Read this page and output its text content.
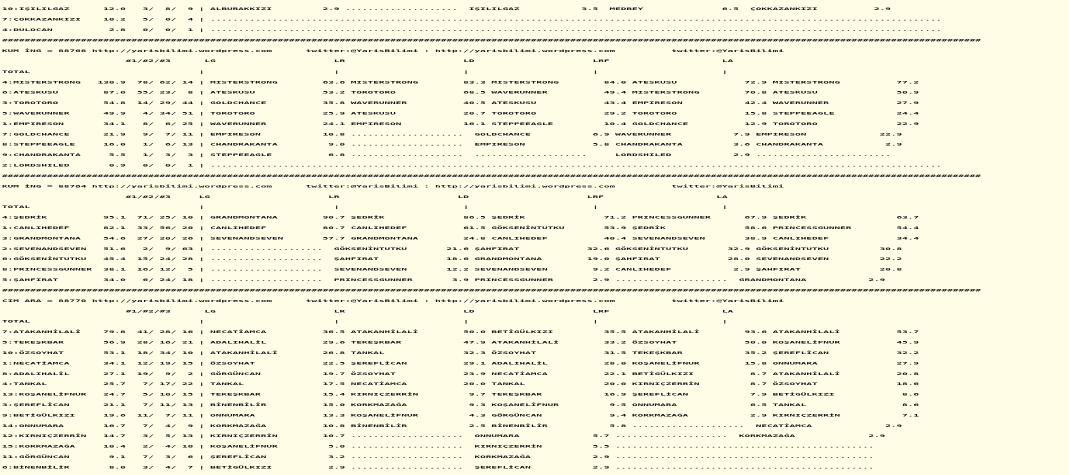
10:IŞILILGAZ      12.0   3/  8/  9 | ALBURAKKIZI         2.9 ....................  IŞILILGAZ           3.5  MEDBEY              6.5  ÇOKKAZANKIZI          2.9

7:ÇOKKAZANKIZI    10.2   5/  0/  4 | ..................................................................................................................................

4:DULOCAN          2.8   0/  0/  1 | ..................................................................................................................................

##############################################################################################################################################################################

KUM İNG = 88768 http://yarisbilimi.wordpress.com      twitter:@YarisBilimi : http://yarisbilimi.wordpress.com          twitter:@YarisBilimi

#1/#2/#3      LG                     LR                     LD                     LRF                    LA

TOTAL                              |                       |                      |                      |                      |

4:MISTERSTRONG   130.9  78/ 62/ 14 | MISTERSTRONG        63.6 MISTERSTRONG        83.3 MISTERSTRONG        84.0 ATESKUSU            72.9 MISTERSTRONG          77.2

6:ATESKUSU        87.0  55/ 23/  8 | ATESKUSU            53.2 TOROTORO            68.5 WAVERUNNER          49.4 MISTERSTRONG        70.8 ATESKUSU              50.9

3:TOROTORO        54.8  14/ 29/ 44 | GOLDCHANCE          35.8 WAVERUNNER          40.5 ATESKUSU            43.4 EMPIRESON           42.4 WAVERUNNER            27.9

5:WAVERUNNER      49.9   4/ 34/ 51 | TOROTORO            25.9 ATESKUSU            20.7 TOROTORO            29.2 TOROTORO            15.8 STEPPEEAGLE           24.4

1:EMPIRESON       34.1   8/  6/ 25 | WAVERUNNER          24.1 EMPIRESON           16.1 STEPPEEAGLE         10.4 GOLDCHANCE          12.9 TOROTORO              22.9

7:GOLDCHANCE      21.9   9/  7/ 11 | EMPIRESON           10.8 ....................  GOLDCHANCE           6.9 WAVERUNNER           7.9 EMPIRESON             22.9

8:STEPPEEAGLE     16.0   1/  6/ 13 | CHANDRAKANTA         9.0 ....................  EMPIRESON            5.8 CHANDRAKANTA         3.6 CHANDRAKANTA           2.9

9:CHANDRAKANTA     5.5   1/  3/  3 | STEPPEEAGLE          6.8 ....................  ....................     LORDSHILED           2.9 ........................

2:LORDSHILED       0.9   0/  0/  1 | ..................................................................................................................................

##############################################################################################################################################################################

KUM İNG = 88764 http://yarisbilimi.wordpress.com      twitter:@YarisBilimi : http://yarisbilimi.wordpress.com          twitter:@YarisBilimi

#1/#2/#3     LG                     LR                     LD                     LRF                    LA

TOTAL                              |                       |                      |                      |                      |

4:ŞEDRİK          95.1  71/ 25/ 10 | GRANDMONTANA        90.7 ŞEDRİK              86.5 ŞEDRİK              71.2 PRINCESSGUNNER      67.9 ŞEDRİK                63.7

1:CANLIHEDEF      82.1  33/ 56/ 20 | CANLIHEDEF          80.7 CANLIHEDEF          61.5 GÖKSENİNTUTKU       53.9 ŞEDRİK              58.6 PRINCESSGUNNER        54.4

3:GRANDMONTANA    54.6  27/ 20/ 26 | SEVENANDSEVEN       57.7 GRANDMONTANA        24.8 CANLIHEDEF          40.4 SEVENANDSEVEN       38.9 CANLIHEDEF            34.4

2:SEVENANDSEVEN   51.6   2/  9/ 63 | ....................  GÖKSENİNTUTKU       21.6 ŞAHFIRAT            32.6 GÖKSENİNTUTKU       32.9 GÖKSENİNTUTKU         30.8

6:GÖKSENİNTUTKU   45.4  15/ 24/ 28 | ....................  ŞAHFIRAT            18.6 GRANDMONTANA        19.0 ŞAHFIRAT            28.0 SEVENANDSEVEN         22.2

8:PRINCESSGUNNER  38.1  16/ 12/  5 | ....................  SEVENANDSEVEN       12.2 SEVENANDSEVEN        9.2 CANLIHEDEF           2.9 ŞAHFIRAT              20.8

5:ŞAHFIRAT        34.0   6/ 24/ 18 | ....................  PRINCESSGUNNER       3.9 PRINCESSGUNNER       2.9 ....................  GRANDMONTANA           2.9

##############################################################################################################################################################################

CIM ARA = 88770 http://yarisbilimi.wordpress.com      twitter:@YarisBilimi : http://yarisbilimi.wordpress.com          twitter:@YarisBilimi

#1/#2/#3      LG                     LR                     LD                     LRF                    LA

TOTAL                              |                       |                      |                      |                      |

7:ATAKANHİLALİ    79.8  41/ 28/ 16 | NECATİAMCA          36.5 ATAKANHİLALİ        50.0 BETİGÜLKIZI         35.5 ATAKANHİLALİ        93.6 ATAKANHİLALİ          53.7

5:TEKEŞKBAR       56.9  28/ 16/ 21 | ADALIHALİL          29.6 TEKEŞKBAR           47.9 ATAKANHİLALİ        33.2 ÖZSOYHAT            50.0 KOŞANELİFNUR          45.9

10:ÖZSOYHAT       53.1  18/ 34/ 10 | ATAKANHİLALİ        26.8 TANKAL              32.3 ÖZSOYHAT            31.5 TEKEŞKBAR           35.2 ŞEREFLİCAN            32.2

1:NECATİAMCA      34.1  12/ 19/ 15 | ÖZSOYHAT            22.5 ŞEREFLİCAN          29.1 ADALIHALİL          28.0 KOŞANELİFNUR        15.8 ONNUMARA              27.9

8:ADALIHALİL      27.1  19/  9/  2 | GÖRGÜNCAN           19.7 ÖZSOYHAT            23.9 NECATİAMCA          22.1 BETİGÜLKIZI          8.7 ATAKANHİLALİ          20.8

4:TANKAL          25.7   7/ 17/ 22 | TANKAL              17.5 NECATİAMCA          20.0 TANKAL              20.0 KIRNIÇZERRİN         8.7 ÖZSOYHAT              18.6

13:KOŞANELİFNUR   24.7   5/ 10/ 15 | TEKEŞKBAR           15.4 KIRNIÇZERRİN         9.7 TEKEŞKBAR           16.9 ŞEREFLİCAN           7.9 BETİGÜLKIZI            8.6

3:ŞEREFLİCAN      21.1   7/ 11/ 13 | BİNENBİLİR          15.0 KORKMAZAĞA           9.3 KOŞANELİFNUR         9.5 ONNUMARA             6.5 TANKAL                 8.6

9:BETİGÜLKIZI     19.6  11/  7/ 11 | ONNUMARA            13.3 KOŞANELİFNUR         4.3 GÖRGÜNCAN            9.4 KORKMAZAĞA           2.9 KIRNIÇZERRİN           7.1

14:ONNUMARA       16.7   7/  4/  9 | KORKMAZAĞA          10.8 BİNENBİLİR           2.5 BİNENBİLİR           5.8 ....................  NECATİAMCA             2.9

12:KIRNIÇZERRİN   14.7   3/  5/ 13 | KIRNIÇZERRİN        10.7 ....................  ONNUMARA             5.7 ....................  KORKMAZAĞA             2.9

15:KORKMAZAĞA     10.4   2/  4/ 10 | KOŞANELİFNUR         5.0 ....................  KIRNIÇZERRİN         5.5 ..............................................

11:GÖRGÜNCAN       9.1   7/  3/  6 | ŞEREFLİCAN           3.2 ....................  KORKMAZAĞA           2.9 ..............................................

6:BİNENBİLİR       8.0   3/  4/  7 | BETİGÜLKIZI          2.9 ....................  ŞEREFLİCAN           2.9 ..............................................
